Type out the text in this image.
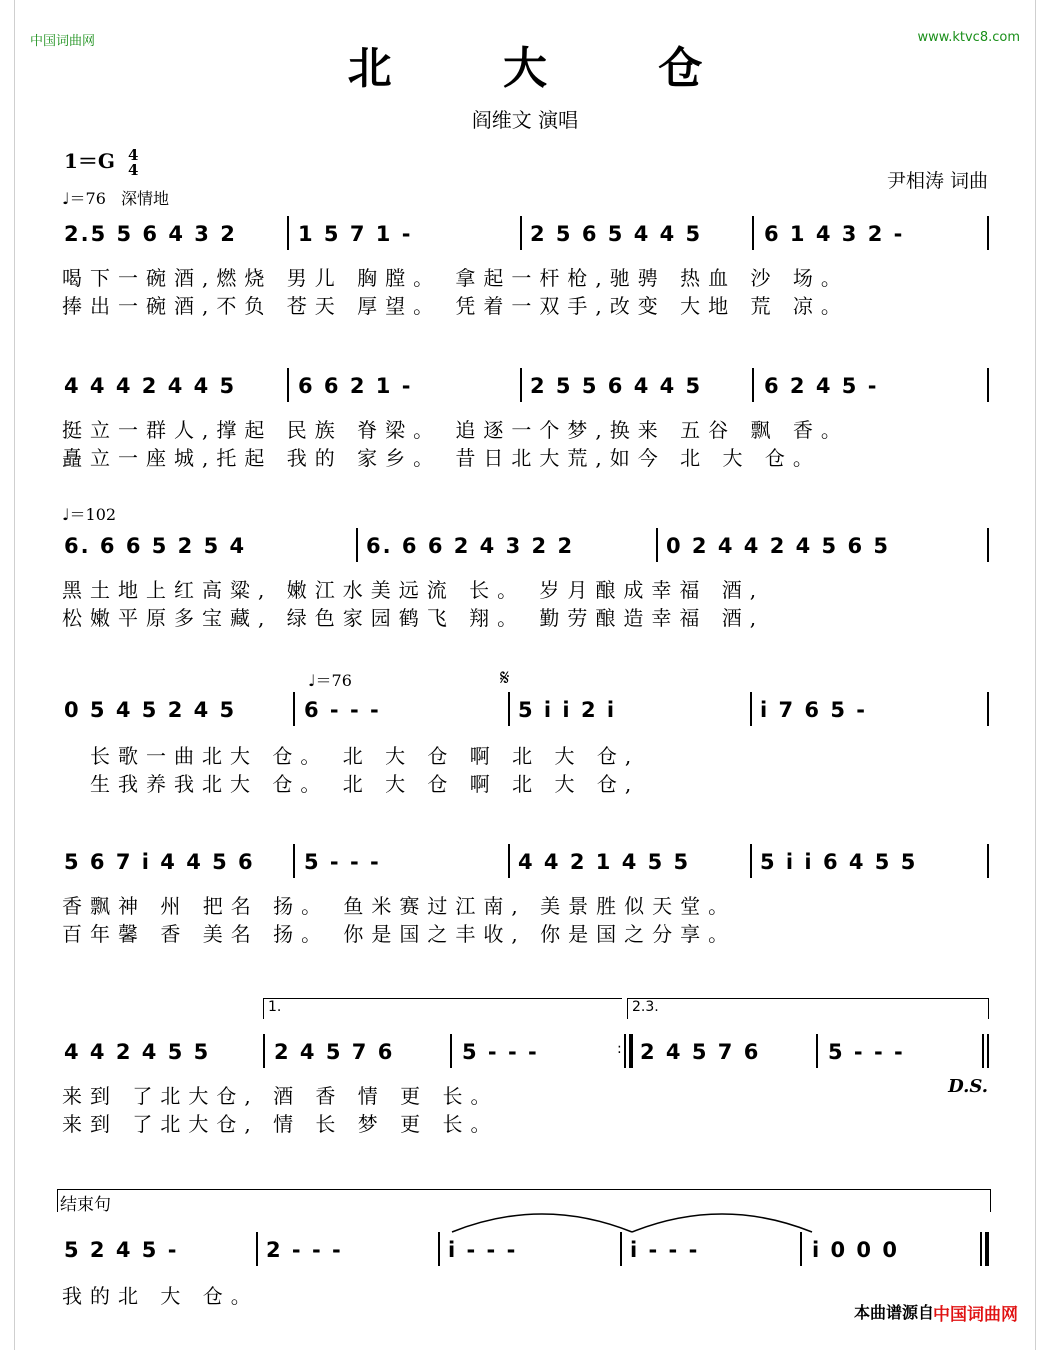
中国词曲网	www.ktvc8.com
北 大 仓
阎维文 演唱
1＝G 4
4
尹相涛 词曲
♩＝76 深情地
2.5 5 6 4 3 2	1 5 7 1 -	2 5 6 5 4 4 5	6 1 4 3 2 -
喝下一碗酒,燃烧 男儿 胸膛。 拿起一杆枪,驰骋 热血 沙 场。
捧出一碗酒,不负 苍天 厚望。 凭着一双手,改变 大地 荒 凉。
4 4 4 2 4 4 5	6 6 2 1 -	2 5 5 6 4 4 5	6 2 4 5 -
挺立一群人,撑起 民族 脊梁。 追逐一个梦,换来 五谷 飘 香。
矗立一座城,托起 我的 家乡。 昔日北大荒,如今 北 大 仓。
♩＝102
6. 6 6 5 2 5 4	6. 6 6 2 4 3 2 2	0 2 4 4 2 4 5 6 5
黑土地上红高粱, 嫩江水美远流 长。 岁月酿成幸福 酒,
松嫩平原多宝藏, 绿色家园鹤飞 翔。 勤劳酿造幸福 酒,
♩＝76	𝄋
0 5 4 5 2 4 5	6 - - -	5 i i 2 i	i 7 6 5 -
长歌一曲北大 仓。 北 大 仓 啊 北 大 仓,
生我养我北大 仓。 北 大 仓 啊 北 大 仓,
5 6 7 i 4 4 5 6 5 - - -	4 4 2 1 4 5 5	5 i i 6 4 5 5
香飘神 州 把名 扬。 鱼米赛过江南, 美景胜似天堂。
百年馨 香 美名 扬。 你是国之丰收, 你是国之分享。
1.	2.3.
4 4 2 4 5 5	2 4 5 7 6	5 - - -	: 2 4 5 7 6	5 - - -
D.S.
来到 了北大仓, 酒 香 情 更 长。
来到 了北大仓, 情 长 梦 更 长。
结束句
5 2 4 5 -	2 - - -	i - - -	i - - -	i 0 0 0
我的北 大 仓。
本曲谱源自 中国词曲网
